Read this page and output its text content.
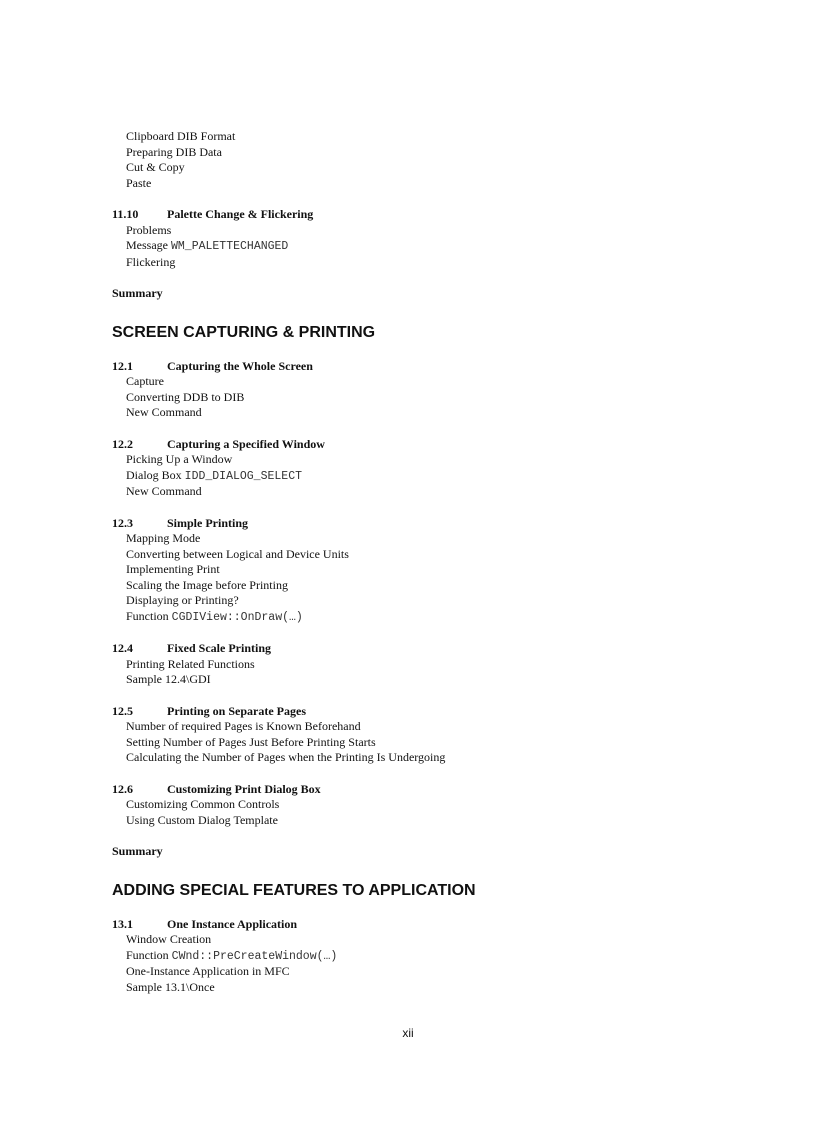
Clipboard DIB Format
Preparing DIB Data
Cut & Copy
Paste
11.10 Palette Change & Flickering
Problems
Message WM_PALETTECHANGED
Flickering
Summary
SCREEN CAPTURING & PRINTING
12.1	Capturing the Whole Screen
Capture
Converting DDB to DIB
New Command
12.2	Capturing a Specified Window
Picking Up a Window
Dialog Box IDD_DIALOG_SELECT
New Command
12.3	Simple Printing
Mapping Mode
Converting between Logical and Device Units
Implementing Print
Scaling the Image before Printing
Displaying or Printing?
Function CGDIView::OnDraw(…)
12.4	Fixed Scale Printing
Printing Related Functions
Sample 12.4\GDI
12.5	Printing on Separate Pages
Number of required Pages is Known Beforehand
Setting Number of Pages Just Before Printing Starts
Calculating the Number of Pages when the Printing Is Undergoing
12.6	Customizing Print Dialog Box
Customizing Common Controls
Using Custom Dialog Template
Summary
ADDING SPECIAL FEATURES TO APPLICATION
13.1	One Instance Application
Window Creation
Function CWnd::PreCreateWindow(…)
One-Instance Application in MFC
Sample 13.1\Once
xii
